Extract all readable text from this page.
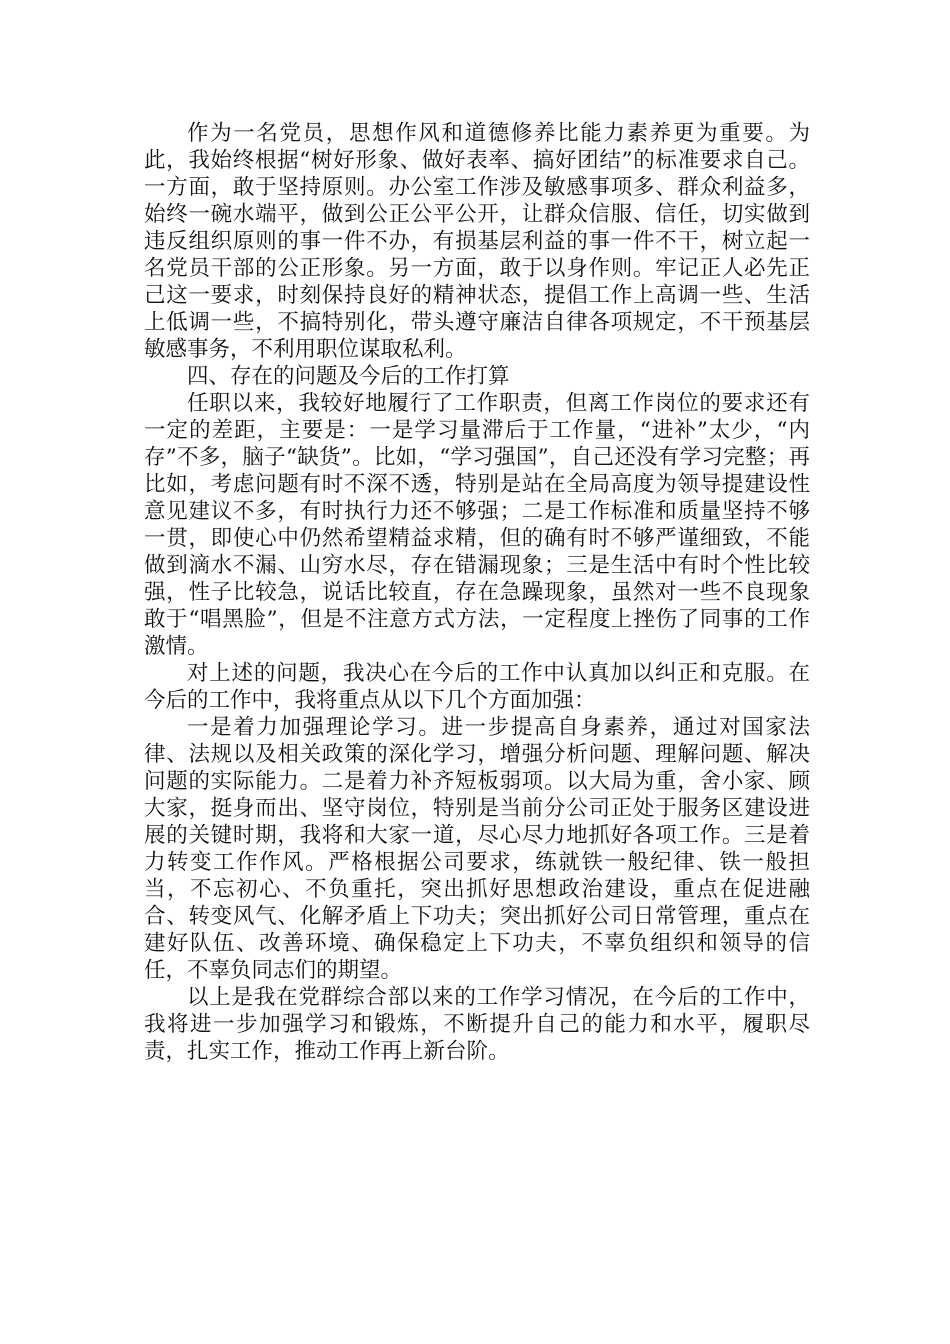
作为一名党员，思想作风和道德修养比能力素养更为重要。为此，我始终根据“树好形象、做好表率、搞好团结”的标准要求自己。一方面，敢于坚持原则。办公室工作涉及敏感事项多、群众利益多，始终一碗水端平，做到公正公平公开，让群众信服、信任，切实做到违反组织原则的事一件不办，有损基层利益的事一件不干，树立起一名党员干部的公正形象。另一方面，敢于以身作则。牢记正人必先正己这一要求，时刻保持良好的精神状态，提倡工作上高调一些、生活上低调一些，不搞特别化，带头遵守廉洁自律各项规定，不干预基层敏感事务，不利用职位谋取私利。

四、存在的问题及今后的工作打算

任职以来，我较好地履行了工作职责，但离工作岗位的要求还有一定的差距，主要是：一是学习量滞后于工作量，“进补”太少，“内存”不多，脑子“缺货”。比如，“学习强国”，自己还没有学习完整；再比如，考虑问题有时不深不透，特别是站在全局高度为领导提建设性意见建议不多，有时执行力还不够强；二是工作标准和质量坚持不够一贯，即使心中仍然希望精益求精，但的确有时不够严谨细致，不能做到滴水不漏、山穷水尽，存在错漏现象；三是生活中有时个性比较强，性子比较急，说话比较直，存在急躁现象，虽然对一些不良现象敢于“唱黑脸”，但是不注意方式方法，一定程度上挫伤了同事的工作激情。

对上述的问题，我决心在今后的工作中认真加以纠正和克服。在今后的工作中，我将重点从以下几个方面加强：

一是着力加强理论学习。进一步提高自身素养，通过对国家法律、法规以及相关政策的深化学习，增强分析问题、理解问题、解决问题的实际能力。二是着力补齐短板弱项。以大局为重，舍小家、顾大家，挺身而出、坚守岗位，特别是当前分公司正处于服务区建设进展的关键时期，我将和大家一道，尽心尽力地抓好各项工作。三是着力转变工作作风。严格根据公司要求，练就铁一般纪律、铁一般担当，不忘初心、不负重托，突出抓好思想政治建设，重点在促进融合、转变风气、化解矛盾上下功夫；突出抓好公司日常管理，重点在建好队伍、改善环境、确保稳定上下功夫，不辜负组织和领导的信任，不辜负同志们的期望。

以上是我在党群综合部以来的工作学习情况，在今后的工作中，我将进一步加强学习和锻炼，不断提升自己的能力和水平，履职尽责，扎实工作，推动工作再上新台阶。
